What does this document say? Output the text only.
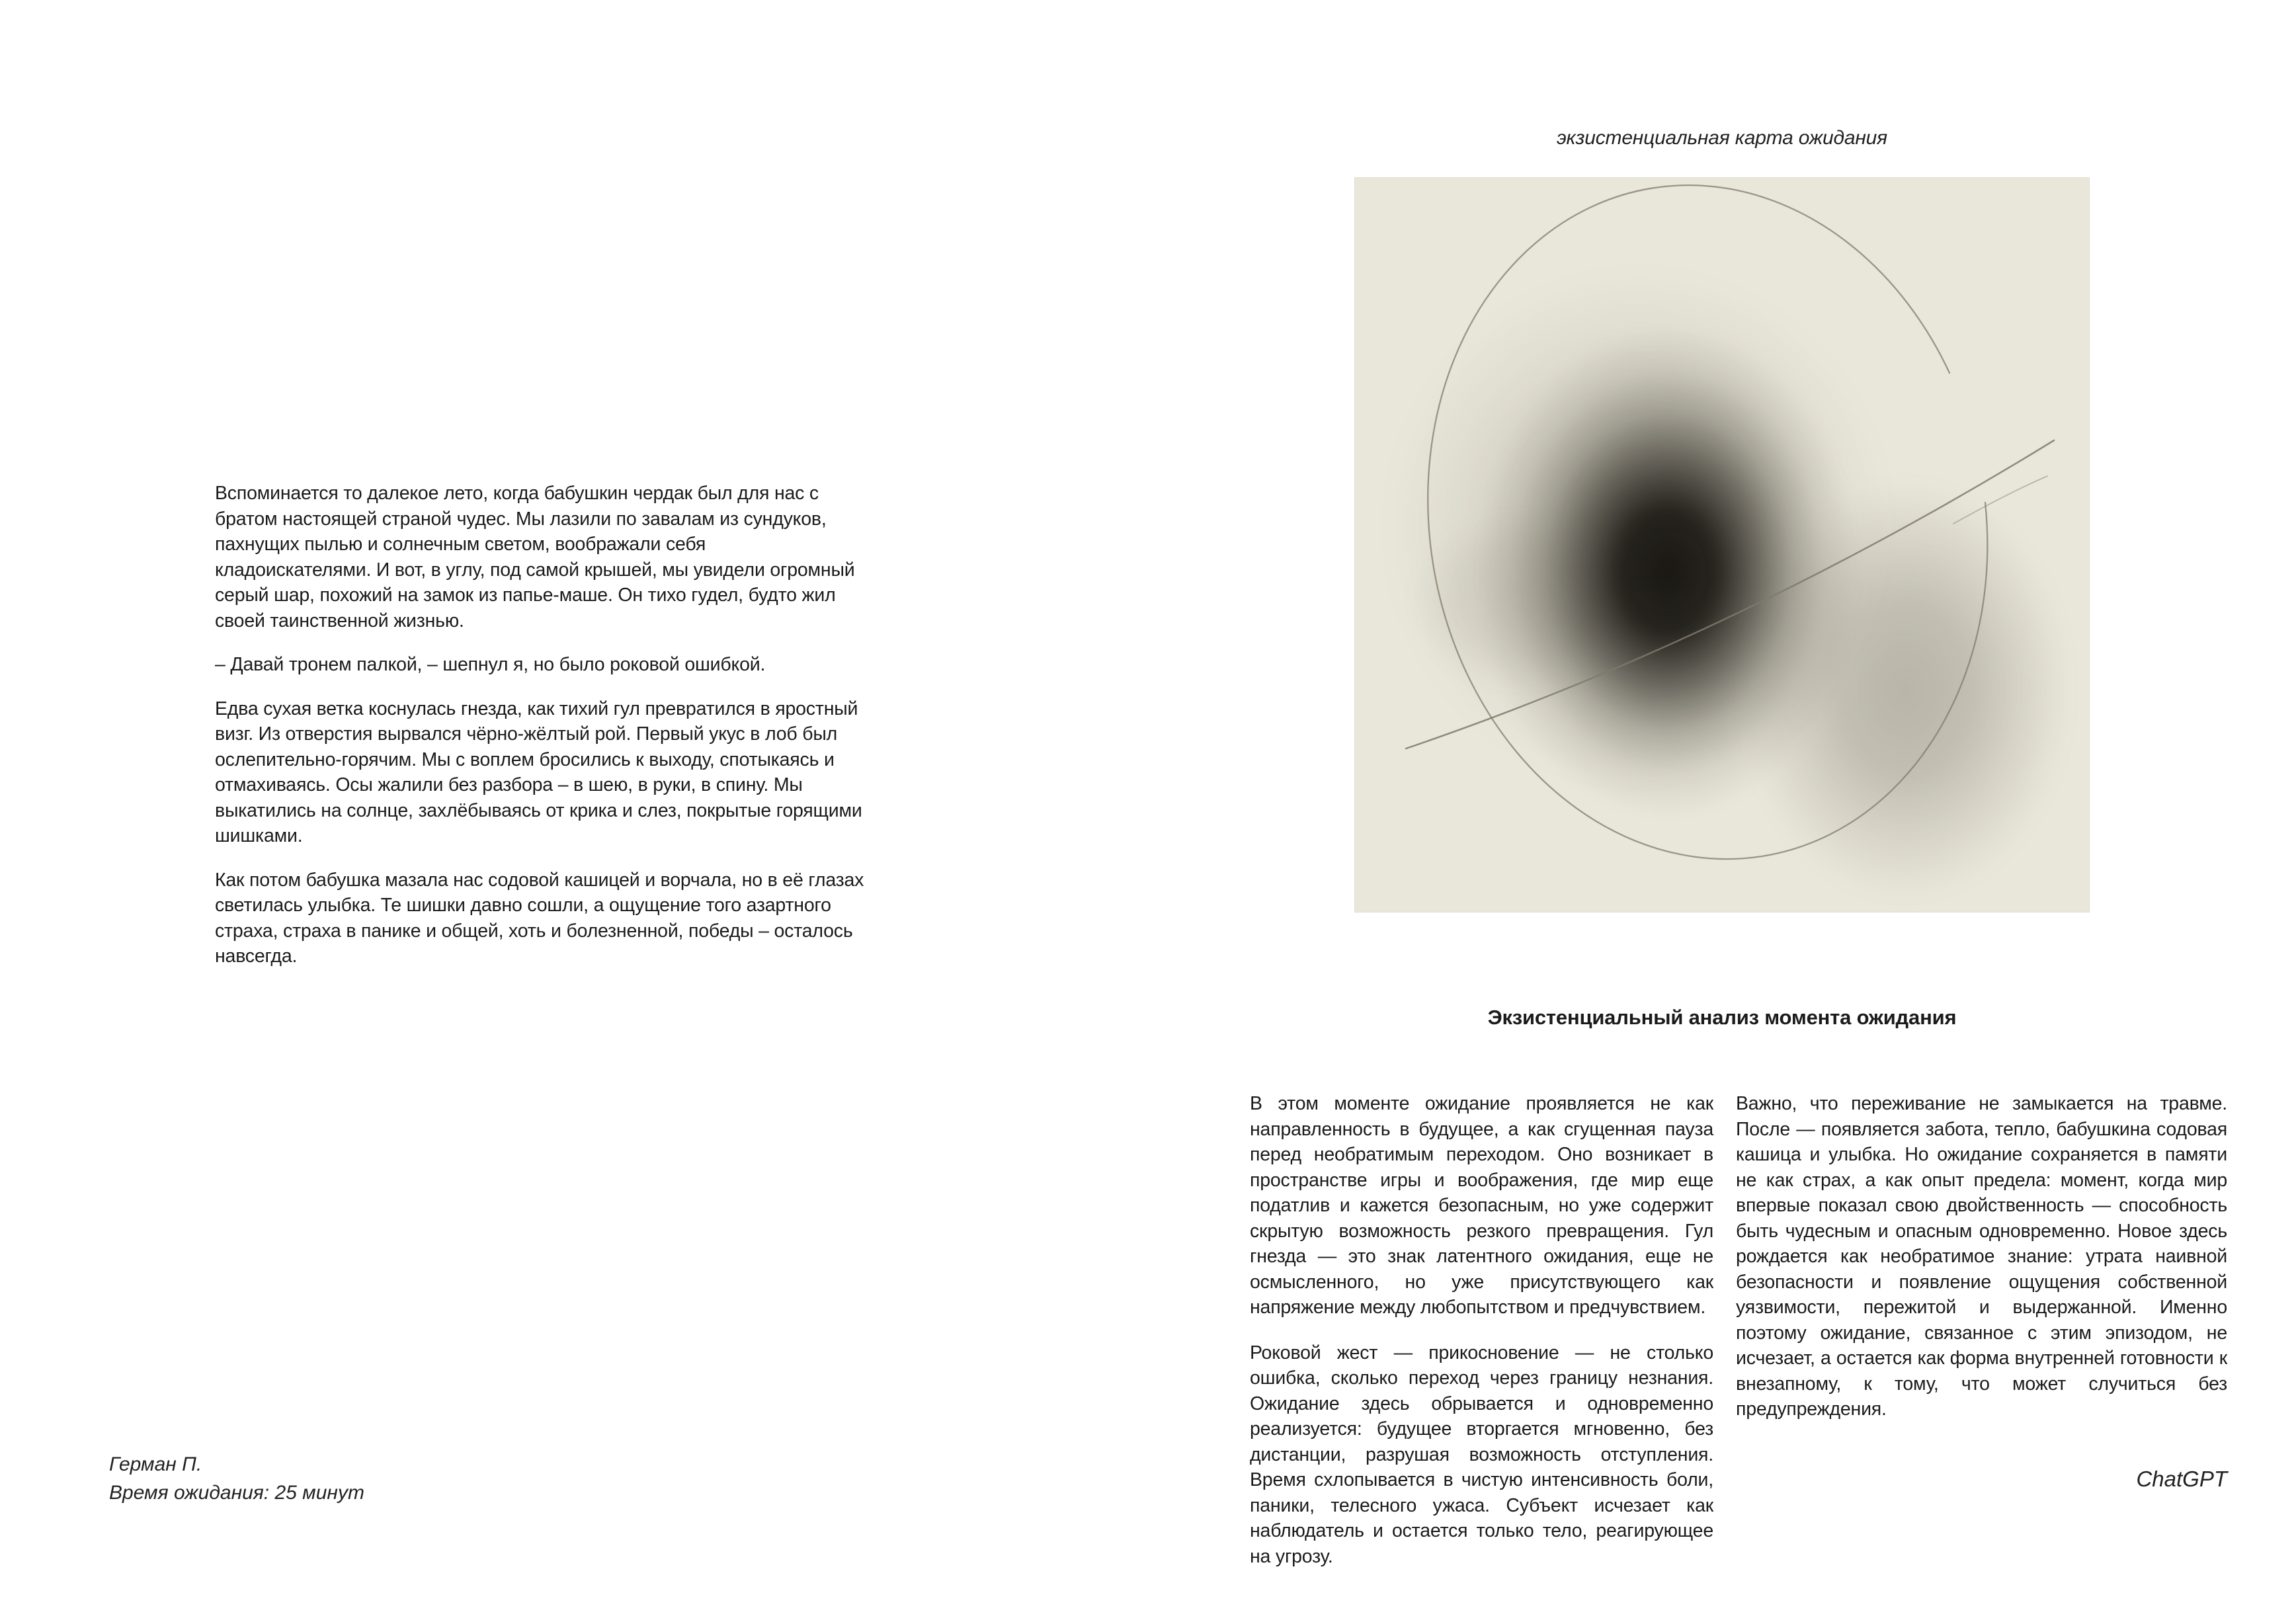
Вспоминается то далекое лето, когда бабушкин чердак был для нас с братом настоящей страной чудес. Мы лазили по завалам из сундуков, пахнущих пылью и солнечным светом, воображали себя кладоискателями. И вот, в углу, под самой крышей, мы увидели огромный серый шар, похожий на замок из папье-маше. Он тихо гудел, будто жил своей таинственной жизнью.

– Давай тронем палкой, – шепнул я, но было роковой ошибкой.

Едва сухая ветка коснулась гнезда, как тихий гул превратился в яростный визг. Из отверстия вырвался чёрно-жёлтый рой. Первый укус в лоб был ослепительно-горячим. Мы с воплем бросились к выходу, спотыкаясь и отмахиваясь. Осы жалили без разбора – в шею, в руки, в спину. Мы выкатились на солнце, захлёбываясь от крика и слез, покрытые горящими шишками.

Как потом бабушка мазала нас содовой кашицей и ворчала, но в её глазах светилась улыбка. Те шишки давно сошли, а ощущение того азартного страха, страха в панике и общей, хоть и болезненной, победы – осталось навсегда.

Герман П.
Время ожидания: 25 минут
экзистенциальная карта ожидания
Экзистенциальный анализ момента ожидания

В этом моменте ожидание проявляется не как направленность в будущее, а как сгущенная пауза перед необратимым переходом. Оно возникает в пространстве игры и воображения, где мир еще податлив и кажется безопасным, но уже содержит скрытую возможность резкого превращения. Гул гнезда — это знак латентного ожидания, еще не осмысленного, но уже присутствующего как напряжение между любопытством и предчувствием.

Роковой жест — прикосновение — не столько ошибка, сколько переход через границу незнания. Ожидание здесь обрывается и одновременно реализуется: будущее вторгается мгновенно, без дистанции, разрушая возможность отступления. Время схлопывается в чистую интенсивность боли, паники, телесного ужаса. Субъект исчезает как наблюдатель и остается только тело, реагирующее на угрозу.

Важно, что переживание не замыкается на травме. После — появляется забота, тепло, бабушкина содовая кашица и улыбка. Но ожидание сохраняется в памяти не как страх, а как опыт предела: момент, когда мир впервые показал свою двойственность — способность быть чудесным и опасным одновременно. Новое здесь рождается как необратимое знание: утрата наивной безопасности и появление ощущения собственной уязвимости, пережитой и выдержанной. Именно поэтому ожидание, связанное с этим эпизодом, не исчезает, а остается как форма внутренней готовности к внезапному, к тому, что может случиться без предупреждения.

ChatGPT
